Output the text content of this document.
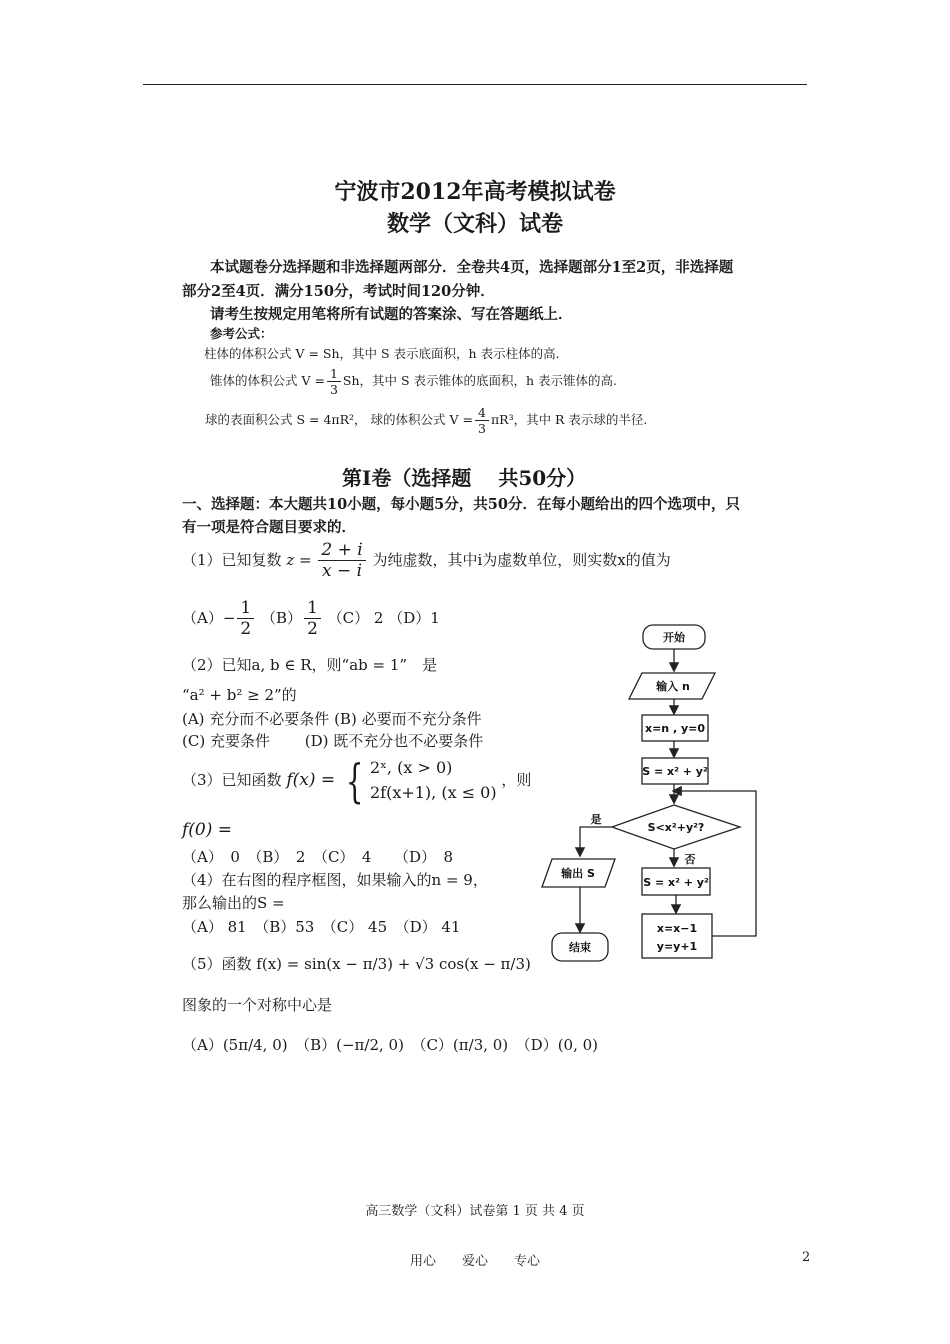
宁波市2012年高考模拟试卷
数学（文科）试卷
本试题卷分选择题和非选择题两部分．全卷共4页，选择题部分1至2页，非选择题
部分2至4页．满分150分，考试时间120分钟．
请考生按规定用笔将所有试题的答案涂、写在答题纸上．
参考公式：
柱体的体积公式 V = Sh，其中 S 表示底面积，h 表示柱体的高.
锥体的体积公式 $V = \frac{1}{3}$ Sh，其中 S 表示锥体的底面积，h 表示锥体的高.
球的表面积公式 S = 4πR²， 球的体积公式 $V = \frac{4}{3} \pi R^3$，其中 R 表示球的半径.
第Ⅰ卷（选择题　 共50分）
一、选择题：本大题共10小题，每小题5分，共50分．在每小题给出的四个选项中，只
有一项是符合题目要求的．
（1）已知复数 $z = \frac{2 + i}{x - i}$ 为纯虚数，其中i为虚数单位，则实数x的值为
$(A)- \frac{1}{2} (B) \frac{1}{2} (C)$ 2 （D）1
（2）已知a, b ∈ R，则“ab = 1”　是
“a² + b² ≥ 2”的
(A) 充分而不必要条件 (B) 必要而不充分条件
(C) 充要条件　　 (D) 既不充分也不必要条件
（3）已知函数 f(x) = { 2ˣ, (x > 0)
2f(x+1), (x ≤ 0)
，则
f(0) =
（A）　0　（B）　2　（C）　4　　（D）　8
（4）在右图的程序框图，如果输入的n = 9，
那么输出的S =
（A） 81　（B）53　（C） 45　（D） 41
（5）函数 f(x) = sin(x − π/3) + √3 cos(x − π/3)
图象的一个对称中心是
（A）(5π/4, 0)　（B）(−π/2, 0)　（C）(π/3, 0)　（D）(0, 0)
开始
输入 n
x=n , y=0
S = x² + y²
S<x²+y²?
是
否
输出 S
S = x² + y²
x=x−1
y=y+1
结束
高三数学（文科）试卷第 1 页 共 4 页
用心　　爱心　　专心	2
